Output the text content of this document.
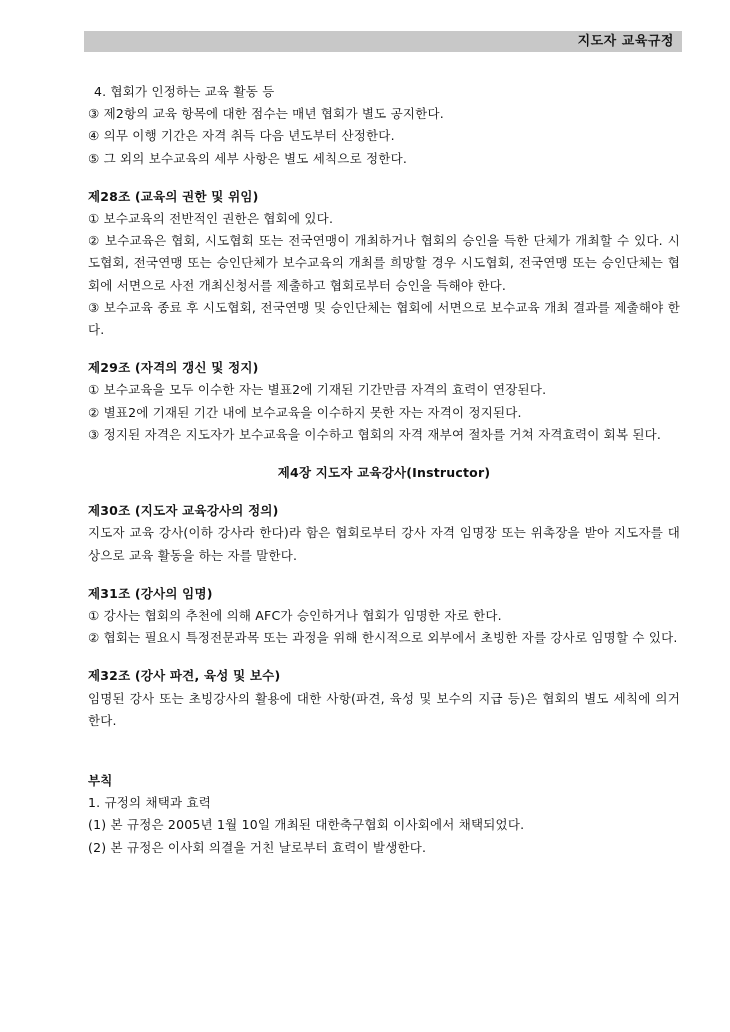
지도자 교육규정
4. 협회가 인정하는 교육 활동 등
③ 제2항의 교육 항목에 대한 점수는 매년 협회가 별도 공지한다.
④ 의무 이행 기간은 자격 취득 다음 년도부터 산정한다.
⑤ 그 외의 보수교육의 세부 사항은 별도 세칙으로 정한다.
제28조 (교육의 권한 및 위임)
① 보수교육의 전반적인 권한은 협회에 있다.
② 보수교육은 협회, 시도협회 또는 전국연맹이 개최하거나 협회의 승인을 득한 단체가 개최할 수 있다. 시도협회, 전국연맹 또는 승인단체가 보수교육의 개최를 희망할 경우 시도협회, 전국연맹 또는 승인단체는 협회에 서면으로 사전 개최신청서를 제출하고 협회로부터 승인을 득해야 한다.
③ 보수교육 종료 후 시도협회, 전국연맹 및 승인단체는 협회에 서면으로 보수교육 개최 결과를 제출해야 한다.
제29조 (자격의 갱신 및 정지)
① 보수교육을 모두 이수한 자는 별표2에 기재된 기간만큼 자격의 효력이 연장된다.
② 별표2에 기재된 기간 내에 보수교육을 이수하지 못한 자는 자격이 정지된다.
③ 정지된 자격은 지도자가 보수교육을 이수하고 협회의 자격 재부여 절차를 거쳐 자격효력이 회복 된다.
제4장 지도자 교육강사(Instructor)
제30조 (지도자 교육강사의 정의)
지도자 교육 강사(이하 강사라 한다)라 함은 협회로부터 강사 자격 임명장 또는 위촉장을 받아 지도자를 대상으로 교육 활동을 하는 자를 말한다.
제31조 (강사의 임명)
① 강사는 협회의 추천에 의해 AFC가 승인하거나 협회가 임명한 자로 한다.
② 협회는 필요시 특정전문과목 또는 과정을 위해 한시적으로 외부에서 초빙한 자를 강사로 임명할 수 있다.
제32조 (강사 파견, 육성 및 보수)
임명된 강사 또는 초빙강사의 활용에 대한 사항(파견, 육성 및 보수의 지급 등)은 협회의 별도 세칙에 의거한다.
부칙
1. 규정의 채택과 효력
(1) 본 규정은 2005년 1월 10일 개최된 대한축구협회 이사회에서 채택되었다.
(2) 본 규정은 이사회 의결을 거친 날로부터 효력이 발생한다.
